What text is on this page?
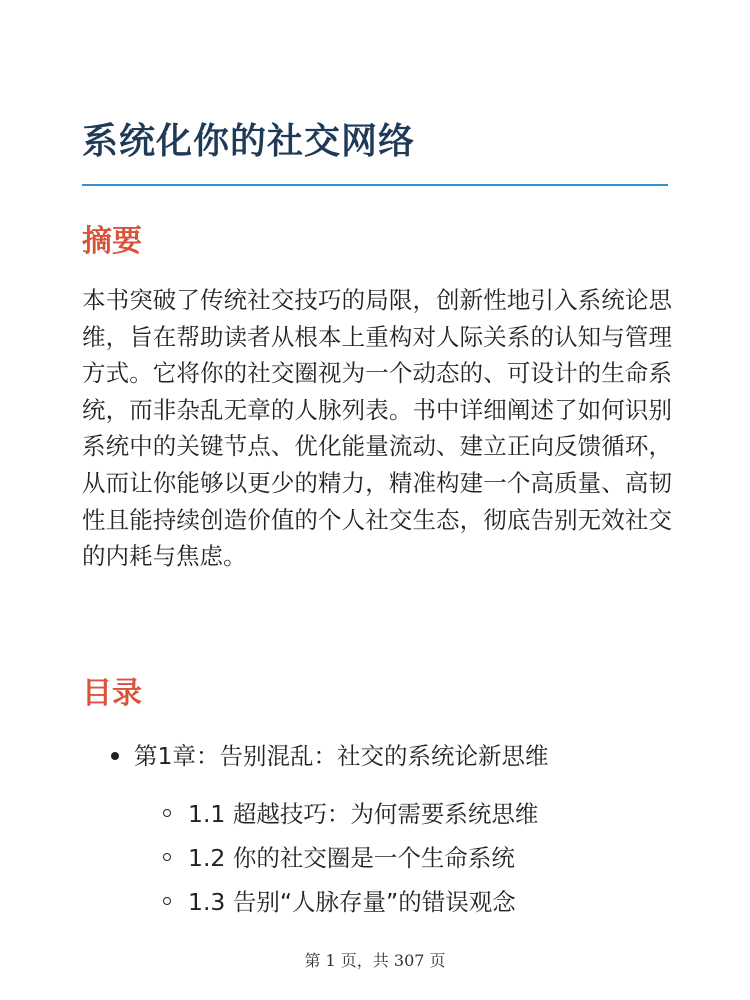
系统化你的社交网络
摘要

本书突破了传统社交技巧的局限，创新性地引入系统论思维，旨在帮助读者从根本上重构对人际关系的认知与管理方式。它将你的社交圈视为一个动态的、可设计的生命系统，而非杂乱无章的人脉列表。书中详细阐述了如何识别系统中的关键节点、优化能量流动、建立正向反馈循环，从而让你能够以更少的精力，精准构建一个高质量、高韧性且能持续创造价值的个人社交生态，彻底告别无效社交的内耗与焦虑。

目录
第1章：告别混乱：社交的系统论新思维
1.1 超越技巧：为何需要系统思维
1.2 你的社交圈是一个生命系统
1.3 告别“人脉存量”的错误观念
第 1 页，共 307 页
